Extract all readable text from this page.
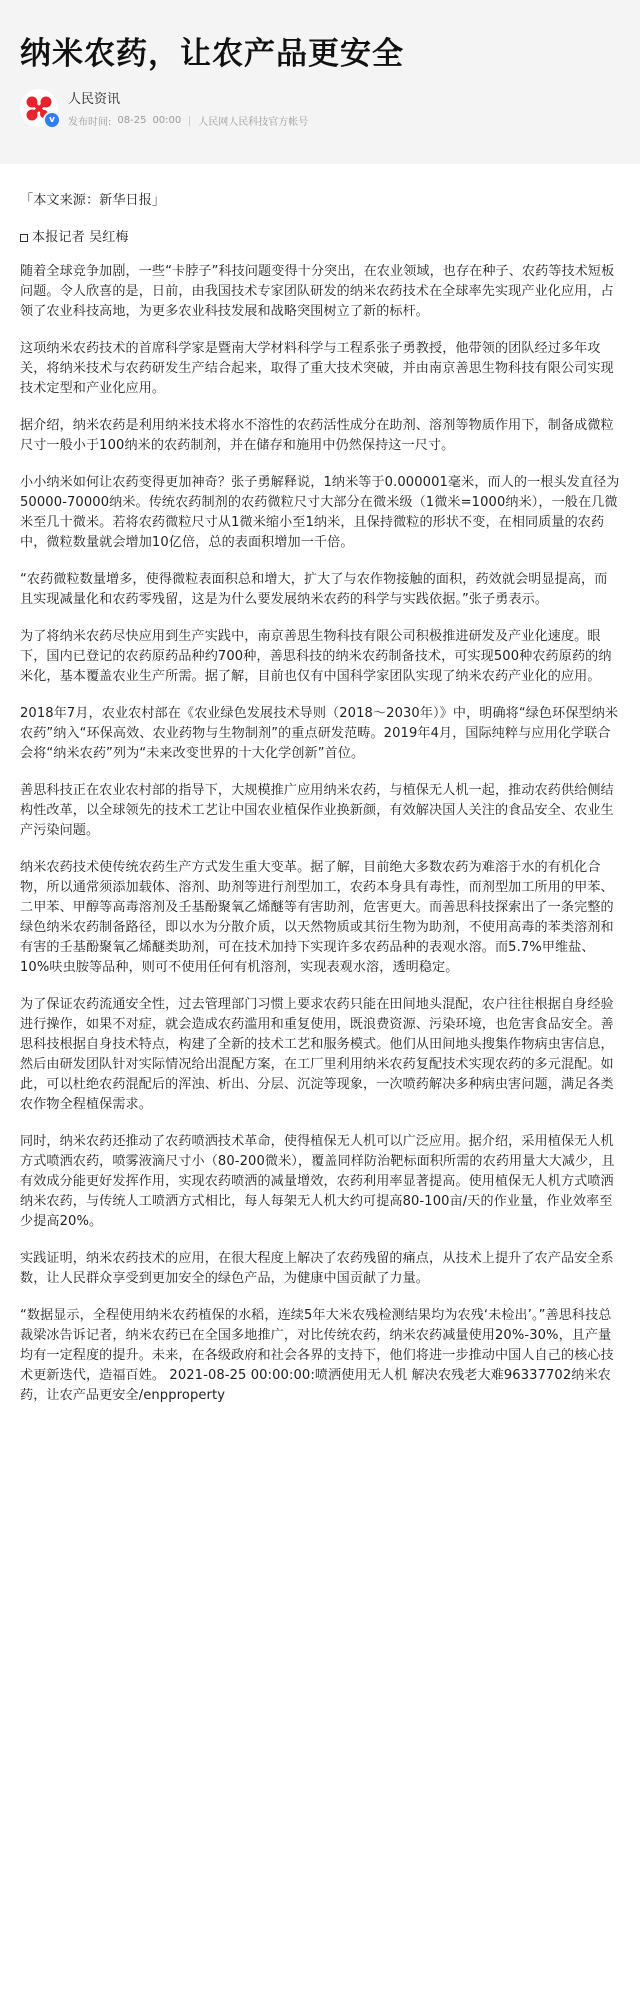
纳米农药，让农产品更安全
v
人民资讯
发布时间: 08-25 00:00 人民网人民科技官方帐号

「本文来源：新华日报」

本报记者 吴红梅

随着全球竞争加剧，一些“卡脖子”科技问题变得十分突出，在农业领域，也存在种子、农药等技术短板问题。令人欣喜的是，日前，由我国技术专家团队研发的纳米农药技术在全球率先实现产业化应用，占领了农业科技高地，为更多农业科技发展和战略突围树立了新的标杆。

这项纳米农药技术的首席科学家是暨南大学材料科学与工程系张子勇教授，他带领的团队经过多年攻关，将纳米技术与农药研发生产结合起来，取得了重大技术突破，并由南京善思生物科技有限公司实现技术定型和产业化应用。

据介绍，纳米农药是利用纳米技术将水不溶性的农药活性成分在助剂、溶剂等物质作用下，制备成微粒尺寸一般小于100纳米的农药制剂，并在储存和施用中仍然保持这一尺寸。

小小纳米如何让农药变得更加神奇？张子勇解释说，1纳米等于0.000001毫米，而人的一根头发直径为50000-70000纳米。传统农药制剂的农药微粒尺寸大部分在微米级（1微米=1000纳米），一般在几微米至几十微米。若将农药微粒尺寸从1微米缩小至1纳米，且保持微粒的形状不变，在相同质量的农药中，微粒数量就会增加10亿倍，总的表面积增加一千倍。

“农药微粒数量增多，使得微粒表面积总和增大，扩大了与农作物接触的面积，药效就会明显提高，而且实现减量化和农药零残留，这是为什么要发展纳米农药的科学与实践依据。”张子勇表示。

为了将纳米农药尽快应用到生产实践中，南京善思生物科技有限公司积极推进研发及产业化速度。眼下，国内已登记的农药原药品种约700种，善思科技的纳米农药制备技术，可实现500种农药原药的纳米化，基本覆盖农业生产所需。据了解，目前也仅有中国科学家团队实现了纳米农药产业化的应用。

2018年7月，农业农村部在《农业绿色发展技术导则（2018～2030年）》中，明确将“绿色环保型纳米农药”纳入“环保高效、农业药物与生物制剂”的重点研发范畴。2019年4月，国际纯粹与应用化学联合会将“纳米农药”列为“未来改变世界的十大化学创新”首位。

善思科技正在农业农村部的指导下，大规模推广应用纳米农药，与植保无人机一起，推动农药供给侧结构性改革，以全球领先的技术工艺让中国农业植保作业换新颜，有效解决国人关注的食品安全、农业生产污染问题。

纳米农药技术使传统农药生产方式发生重大变革。据了解，目前绝大多数农药为难溶于水的有机化合物，所以通常须添加载体、溶剂、助剂等进行剂型加工，农药本身具有毒性，而剂型加工所用的甲苯、二甲苯、甲醇等高毒溶剂及壬基酚聚氧乙烯醚等有害助剂，危害更大。而善思科技探索出了一条完整的绿色纳米农药制备路径，即以水为分散介质，以天然物质或其衍生物为助剂，不使用高毒的苯类溶剂和有害的壬基酚聚氧乙烯醚类助剂，可在技术加持下实现许多农药品种的表观水溶。而5.7%甲维盐、10%呋虫胺等品种，则可不使用任何有机溶剂，实现表观水溶，透明稳定。

为了保证农药流通安全性，过去管理部门习惯上要求农药只能在田间地头混配，农户往往根据自身经验进行操作，如果不对症，就会造成农药滥用和重复使用，既浪费资源、污染环境，也危害食品安全。善思科技根据自身技术特点，构建了全新的技术工艺和服务模式。他们从田间地头搜集作物病虫害信息，然后由研发团队针对实际情况给出混配方案，在工厂里利用纳米农药复配技术实现农药的多元混配。如此，可以杜绝农药混配后的浑浊、析出、分层、沉淀等现象，一次喷药解决多种病虫害问题，满足各类农作物全程植保需求。

同时，纳米农药还推动了农药喷洒技术革命，使得植保无人机可以广泛应用。据介绍，采用植保无人机方式喷洒农药，喷雾液滴尺寸小（80-200微米），覆盖同样防治靶标面积所需的农药用量大大减少，且有效成分能更好发挥作用，实现农药喷洒的减量增效，农药利用率显著提高。使用植保无人机方式喷洒纳米农药，与传统人工喷洒方式相比，每人每架无人机大约可提高80-100亩/天的作业量，作业效率至少提高20%。

实践证明，纳米农药技术的应用，在很大程度上解决了农药残留的痛点，从技术上提升了农产品安全系数，让人民群众享受到更加安全的绿色产品，为健康中国贡献了力量。

“数据显示，全程使用纳米农药植保的水稻，连续5年大米农残检测结果均为农残‘未检出’。”善思科技总裁梁冰告诉记者，纳米农药已在全国多地推广，对比传统农药，纳米农药减量使用20%-30%，且产量均有一定程度的提升。未来，在各级政府和社会各界的支持下，他们将进一步推动中国人自己的核心技术更新迭代，造福百姓。 2021-08-25 00:00:00:喷洒使用无人机 解决农残老大难96337702纳米农药，让农产品更安全/enpproperty
